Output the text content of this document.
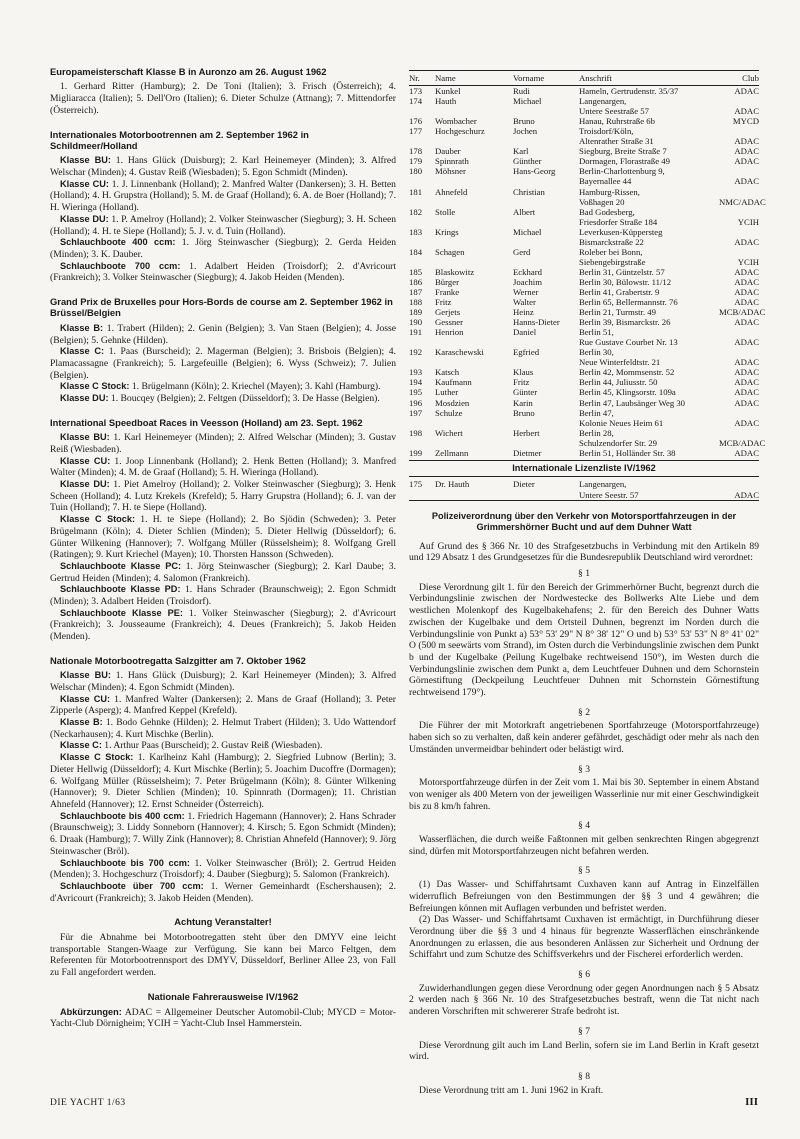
Europameisterschaft Klasse B in Auronzo am 26. August 1962

1. Gerhard Ritter (Hamburg); 2. De Toni (Italien); 3. Frisch (Österreich); 4. Migliaracca (Italien); 5. Dell'Oro (Italien); 6. Dieter Schulze (Attnang); 7. Mittendorfer (Österreich).

Internationales Motorbootrennen am 2. September 1962 in Schildmeer/Holland

Klasse BU: 1. Hans Glück (Duisburg); 2. Karl Heinemeyer (Minden); 3. Alfred Welschar (Minden); 4. Gustav Reiß (Wiesbaden); 5. Egon Schmidt (Minden).

Klasse CU: 1. J. Linnenbank (Holland); 2. Manfred Walter (Dankersen); 3. H. Betten (Holland); 4. H. Grupstra (Holland); 5. M. de Graaf (Holland); 6. A. de Boer (Holland); 7. H. Wieringa (Holland).

Klasse DU: 1. P. Amelroy (Holland); 2. Volker Steinwascher (Siegburg); 3. H. Scheen (Holland); 4. H. te Siepe (Holland); 5. J. v. d. Tuin (Holland).

Schlauchboote 400 ccm: 1. Jörg Steinwascher (Siegburg); 2. Gerda Heiden (Minden); 3. K. Dauber.

Schlauchboote 700 ccm: 1. Adalbert Heiden (Troisdorf); 2. d'Avricourt (Frankreich); 3. Volker Steinwascher (Siegburg); 4. Jakob Heiden (Menden).

Grand Prix de Bruxelles pour Hors-Bords de course am 2. September 1962 in Brüssel/Belgien

Klasse B: 1. Trabert (Hilden); 2. Genin (Belgien); 3. Van Staen (Belgien); 4. Josse (Belgien); 5. Gehnke (Hilden).

Klasse C: 1. Paas (Burscheid); 2. Magerman (Belgien); 3. Brisbois (Belgien); 4. Plamacassagne (Frankreich); 5. Largefeuille (Belgien); 6. Wyss (Schweiz); 7. Julien (Belgien).

Klasse C Stock: 1. Brügelmann (Köln); 2. Kriechel (Mayen); 3. Kahl (Hamburg).

Klasse DU: 1. Boucqey (Belgien); 2. Feltgen (Düsseldorf); 3. De Hasse (Belgien).

International Speedboat Races in Veesson (Holland) am 23. Sept. 1962

Klasse BU: 1. Karl Heinemeyer (Minden); 2. Alfred Welschar (Minden); 3. Gustav Reiß (Wiesbaden).

Klasse CU: 1. Joop Linnenbank (Holland); 2. Henk Betten (Holland); 3. Manfred Walter (Minden); 4. M. de Graaf (Holland); 5. H. Wieringa (Holland).

Klasse DU: 1. Piet Amelroy (Holland); 2. Volker Steinwascher (Siegburg); 3. Henk Scheen (Holland); 4. Lutz Krekels (Krefeld); 5. Harry Grupstra (Holland); 6. J. van der Tuin (Holland); 7. H. te Siepe (Holland).

Klasse C Stock: 1. H. te Siepe (Holland); 2. Bo Sjödin (Schweden); 3. Peter Brügelmann (Köln); 4. Dieter Schlien (Minden); 5. Dieter Hellwig (Düsseldorf); 6. Günter Wilkening (Hannover); 7. Wolfgang Müller (Rüsselsheim); 8. Wolfgang Grell (Ratingen); 9. Kurt Kriechel (Mayen); 10. Thorsten Hansson (Schweden).

Schlauchboote Klasse PC: 1. Jörg Steinwascher (Siegburg); 2. Karl Daube; 3. Gertrud Heiden (Minden); 4. Salomon (Frankreich).

Schlauchboote Klasse PD: 1. Hans Schrader (Braunschweig); 2. Egon Schmidt (Minden); 3. Adalbert Heiden (Troisdorf).

Schlauchboote Klasse PE: 1. Volker Steinwascher (Siegburg); 2. d'Avricourt (Frankreich); 3. Jousseaume (Frankreich); 4. Deues (Frankreich); 5. Jakob Heiden (Menden).

Nationale Motorbootregatta Salzgitter am 7. Oktober 1962

Klasse BU: 1. Hans Glück (Duisburg); 2. Karl Heinemeyer (Minden); 3. Alfred Welschar (Minden); 4. Egon Schmidt (Minden).

Klasse CU: 1. Manfred Walter (Dankersen); 2. Mans de Graaf (Holland); 3. Peter Zipperle (Asperg); 4. Manfred Keppel (Krefeld).

Klasse B: 1. Bodo Gehnke (Hilden); 2. Helmut Trabert (Hilden); 3. Udo Wattendorf (Neckarhausen); 4. Kurt Mischke (Berlin).

Klasse C: 1. Arthur Paas (Burscheid); 2. Gustav Reiß (Wiesbaden).

Klasse C Stock: 1. Karlheinz Kahl (Hamburg); 2. Siegfried Lubnow (Berlin); 3. Dieter Hellwig (Düsseldorf); 4. Kurt Mischke (Berlin); 5. Joachim Ducoffre (Dormagen); 6. Wolfgang Müller (Rüsselsheim); 7. Peter Brügelmann (Köln); 8. Günter Wilkening (Hannover); 9. Dieter Schlien (Minden); 10. Spinnrath (Dormagen); 11. Christian Ahnefeld (Hannover); 12. Ernst Schneider (Österreich).

Schlauchboote bis 400 ccm: 1. Friedrich Hagemann (Hannover); 2. Hans Schrader (Braunschweig); 3. Liddy Sonneborn (Hannover); 4. Kirsch; 5. Egon Schmidt (Minden); 6. Draak (Hamburg); 7. Willy Zink (Hannover); 8. Christian Ahnefeld (Hannover); 9. Jörg Steinwascher (Bröl).

Schlauchboote bis 700 ccm: 1. Volker Steinwascher (Bröl); 2. Gertrud Heiden (Menden); 3. Hochgeschurz (Troisdorf); 4. Dauber (Siegburg); 5. Salomon (Frankreich).

Schlauchboote über 700 ccm: 1. Werner Gemeinhardt (Eschershausen); 2. d'Avricourt (Frankreich); 3. Jakob Heiden (Menden).

Achtung Veranstalter!

Für die Abnahme bei Motorbootregatten steht über den DMYV eine leicht transportable Stangen-Waage zur Verfügung. Sie kann bei Marco Feltgen, dem Referenten für Motorbootrennsport des DMYV, Düsseldorf, Berliner Allee 23, von Fall zu Fall angefordert werden.

Nationale Fahrerausweise IV/1962

Abkürzungen: ADAC = Allgemeiner Deutscher Automobil-Club; MYCD = Motor-Yacht-Club Dörnigheim; YCIH = Yacht-Club Insel Hammerstein.

Nr.	Name	Vorname	Anschrift	Club
173	Kunkel	Rudi	Hameln, Gertrudenstr. 35/37	ADAC
174	Hauth	Michael	Langenargen,	
			Untere Seestraße 57	ADAC
176	Wombacher	Bruno	Hanau, Ruhrstraße 6b	MYCD
177	Hochgeschurz	Jochen	Troisdorf/Köln,	
			Altenrather Straße 31	ADAC
178	Dauber	Karl	Siegburg, Breite Straße 7	ADAC
179	Spinnrath	Günther	Dormagen, Florastraße 49	ADAC
180	Möhsner	Hans-Georg	Berlin-Charlottenburg 9,	
			Bayernallee 44	ADAC
181	Ahnefeld	Christian	Hamburg-Rissen,	
			Voßhagen 20	NMC/ADAC
182	Stolle	Albert	Bad Godesberg,	
			Friesdorfer Straße 184	YCIH
183	Krings	Michael	Leverkusen-Küppersteg	
			Bismarckstraße 22	ADAC
184	Schagen	Gerd	Roleber bei Bonn,	
			Siebengebirgstraße	YCIH
185	Blaskowitz	Eckhard	Berlin 31, Güntzelstr. 57	ADAC
186	Bürger	Joachim	Berlin 30, Bülowstr. 11/12	ADAC
187	Franke	Werner	Berlin 41, Grabertstr. 9	ADAC
188	Fritz	Walter	Berlin 65, Bellermannstr. 76	ADAC
189	Gerjets	Heinz	Berlin 21, Turmstr. 49	MCB/ADAC
190	Gessner	Hanns-Dieter	Berlin 39, Bismarckstr. 26	ADAC
191	Henrion	Daniel	Berlin 51,	
			Rue Gustave Courbet Nr. 13	ADAC
192	Karaschewski	Egfried	Berlin 30,	
			Neue Winterfeldtstr. 21	ADAC
193	Katsch	Klaus	Berlin 42, Mommsenstr. 52	ADAC
194	Kaufmann	Fritz	Berlin 44, Juliusstr. 50	ADAC
195	Luther	Günter	Berlin 45, Klingsorstr. 109a	ADAC
196	Mosdzien	Karin	Berlin 47, Laubsänger Weg 30	ADAC
197	Schulze	Bruno	Berlin 47,	
			Kolonie Neues Heim 61	ADAC
198	Wichert	Herbert	Berlin 28,	
			Schulzendorfer Str. 29	MCB/ADAC
199	Zellmann	Dietmer	Berlin 51, Holländer Str. 38	ADAC
Internationale Lizenzliste IV/1962
175	Dr. Hauth	Dieter	Langenargen,	
			Untere Seestr. 57	ADAC
Polizeiverordnung über den Verkehr von Motorsportfahrzeugen in der Grimmershörner Bucht und auf dem Duhner Watt

Auf Grund des § 366 Nr. 10 des Strafgesetzbuchs in Verbindung mit den Artikeln 89 und 129 Absatz 1 des Grundgesetzes für die Bundesrepublik Deutschland wird verordnet:

§ 1

Diese Verordnung gilt 1. für den Bereich der Grimmerhörner Bucht, begrenzt durch die Verbindungslinie zwischen der Nordwestecke des Bollwerks Alte Liebe und dem westlichen Molenkopf des Kugelbakehafens; 2. für den Bereich des Duhner Watts zwischen der Kugelbake und dem Ortsteil Duhnen, begrenzt im Norden durch die Verbindungslinie von Punkt a) 53° 53' 29" N 8° 38' 12" O und b) 53° 53' 53" N 8° 41' 02" O (500 m seewärts vom Strand), im Osten durch die Verbindungslinie zwischen dem Punkt b und der Kugelbake (Peilung Kugelbake rechtweisend 150°), im Westen durch die Verbindungslinie zwischen dem Punkt a, dem Leuchtfeuer Duhnen und dem Schornstein Görnestiftung (Deckpeilung Leuchtfeuer Duhnen mit Schornstein Görnestiftung rechtweisend 179°).

§ 2

Die Führer der mit Motorkraft angetriebenen Sportfahrzeuge (Motorsportfahrzeuge) haben sich so zu verhalten, daß kein anderer gefährdet, geschädigt oder mehr als nach den Umständen unvermeidbar behindert oder belästigt wird.

§ 3

Motorsportfahrzeuge dürfen in der Zeit vom 1. Mai bis 30. September in einem Abstand von weniger als 400 Metern von der jeweiligen Wasserlinie nur mit einer Geschwindigkeit bis zu 8 km/h fahren.

§ 4

Wasserflächen, die durch weiße Faßtonnen mit gelben senkrechten Ringen abgegrenzt sind, dürfen mit Motorsportfahrzeugen nicht befahren werden.

§ 5

(1) Das Wasser- und Schiffahrtsamt Cuxhaven kann auf Antrag in Einzelfällen widerruflich Befreiungen von den Bestimmungen der §§ 3 und 4 gewähren; die Befreiungen können mit Auflagen verbunden und befristet werden.

(2) Das Wasser- und Schiffahrtsamt Cuxhaven ist ermächtigt, in Durchführung dieser Verordnung über die §§ 3 und 4 hinaus für begrenzte Wasserflächen einschränkende Anordnungen zu erlassen, die aus besonderen Anlässen zur Sicherheit und Ordnung der Schiffahrt und zum Schutze des Schiffsverkehrs und der Fischerei erforderlich werden.

§ 6

Zuwiderhandlungen gegen diese Verordnung oder gegen Anordnungen nach § 5 Absatz 2 werden nach § 366 Nr. 10 des Strafgesetzbuches bestraft, wenn die Tat nicht nach anderen Vorschriften mit schwererer Strafe bedroht ist.

§ 7

Diese Verordnung gilt auch im Land Berlin, sofern sie im Land Berlin in Kraft gesetzt wird.

§ 8

Diese Verordnung tritt am 1. Juni 1962 in Kraft.

DIE YACHT 1/63	III
